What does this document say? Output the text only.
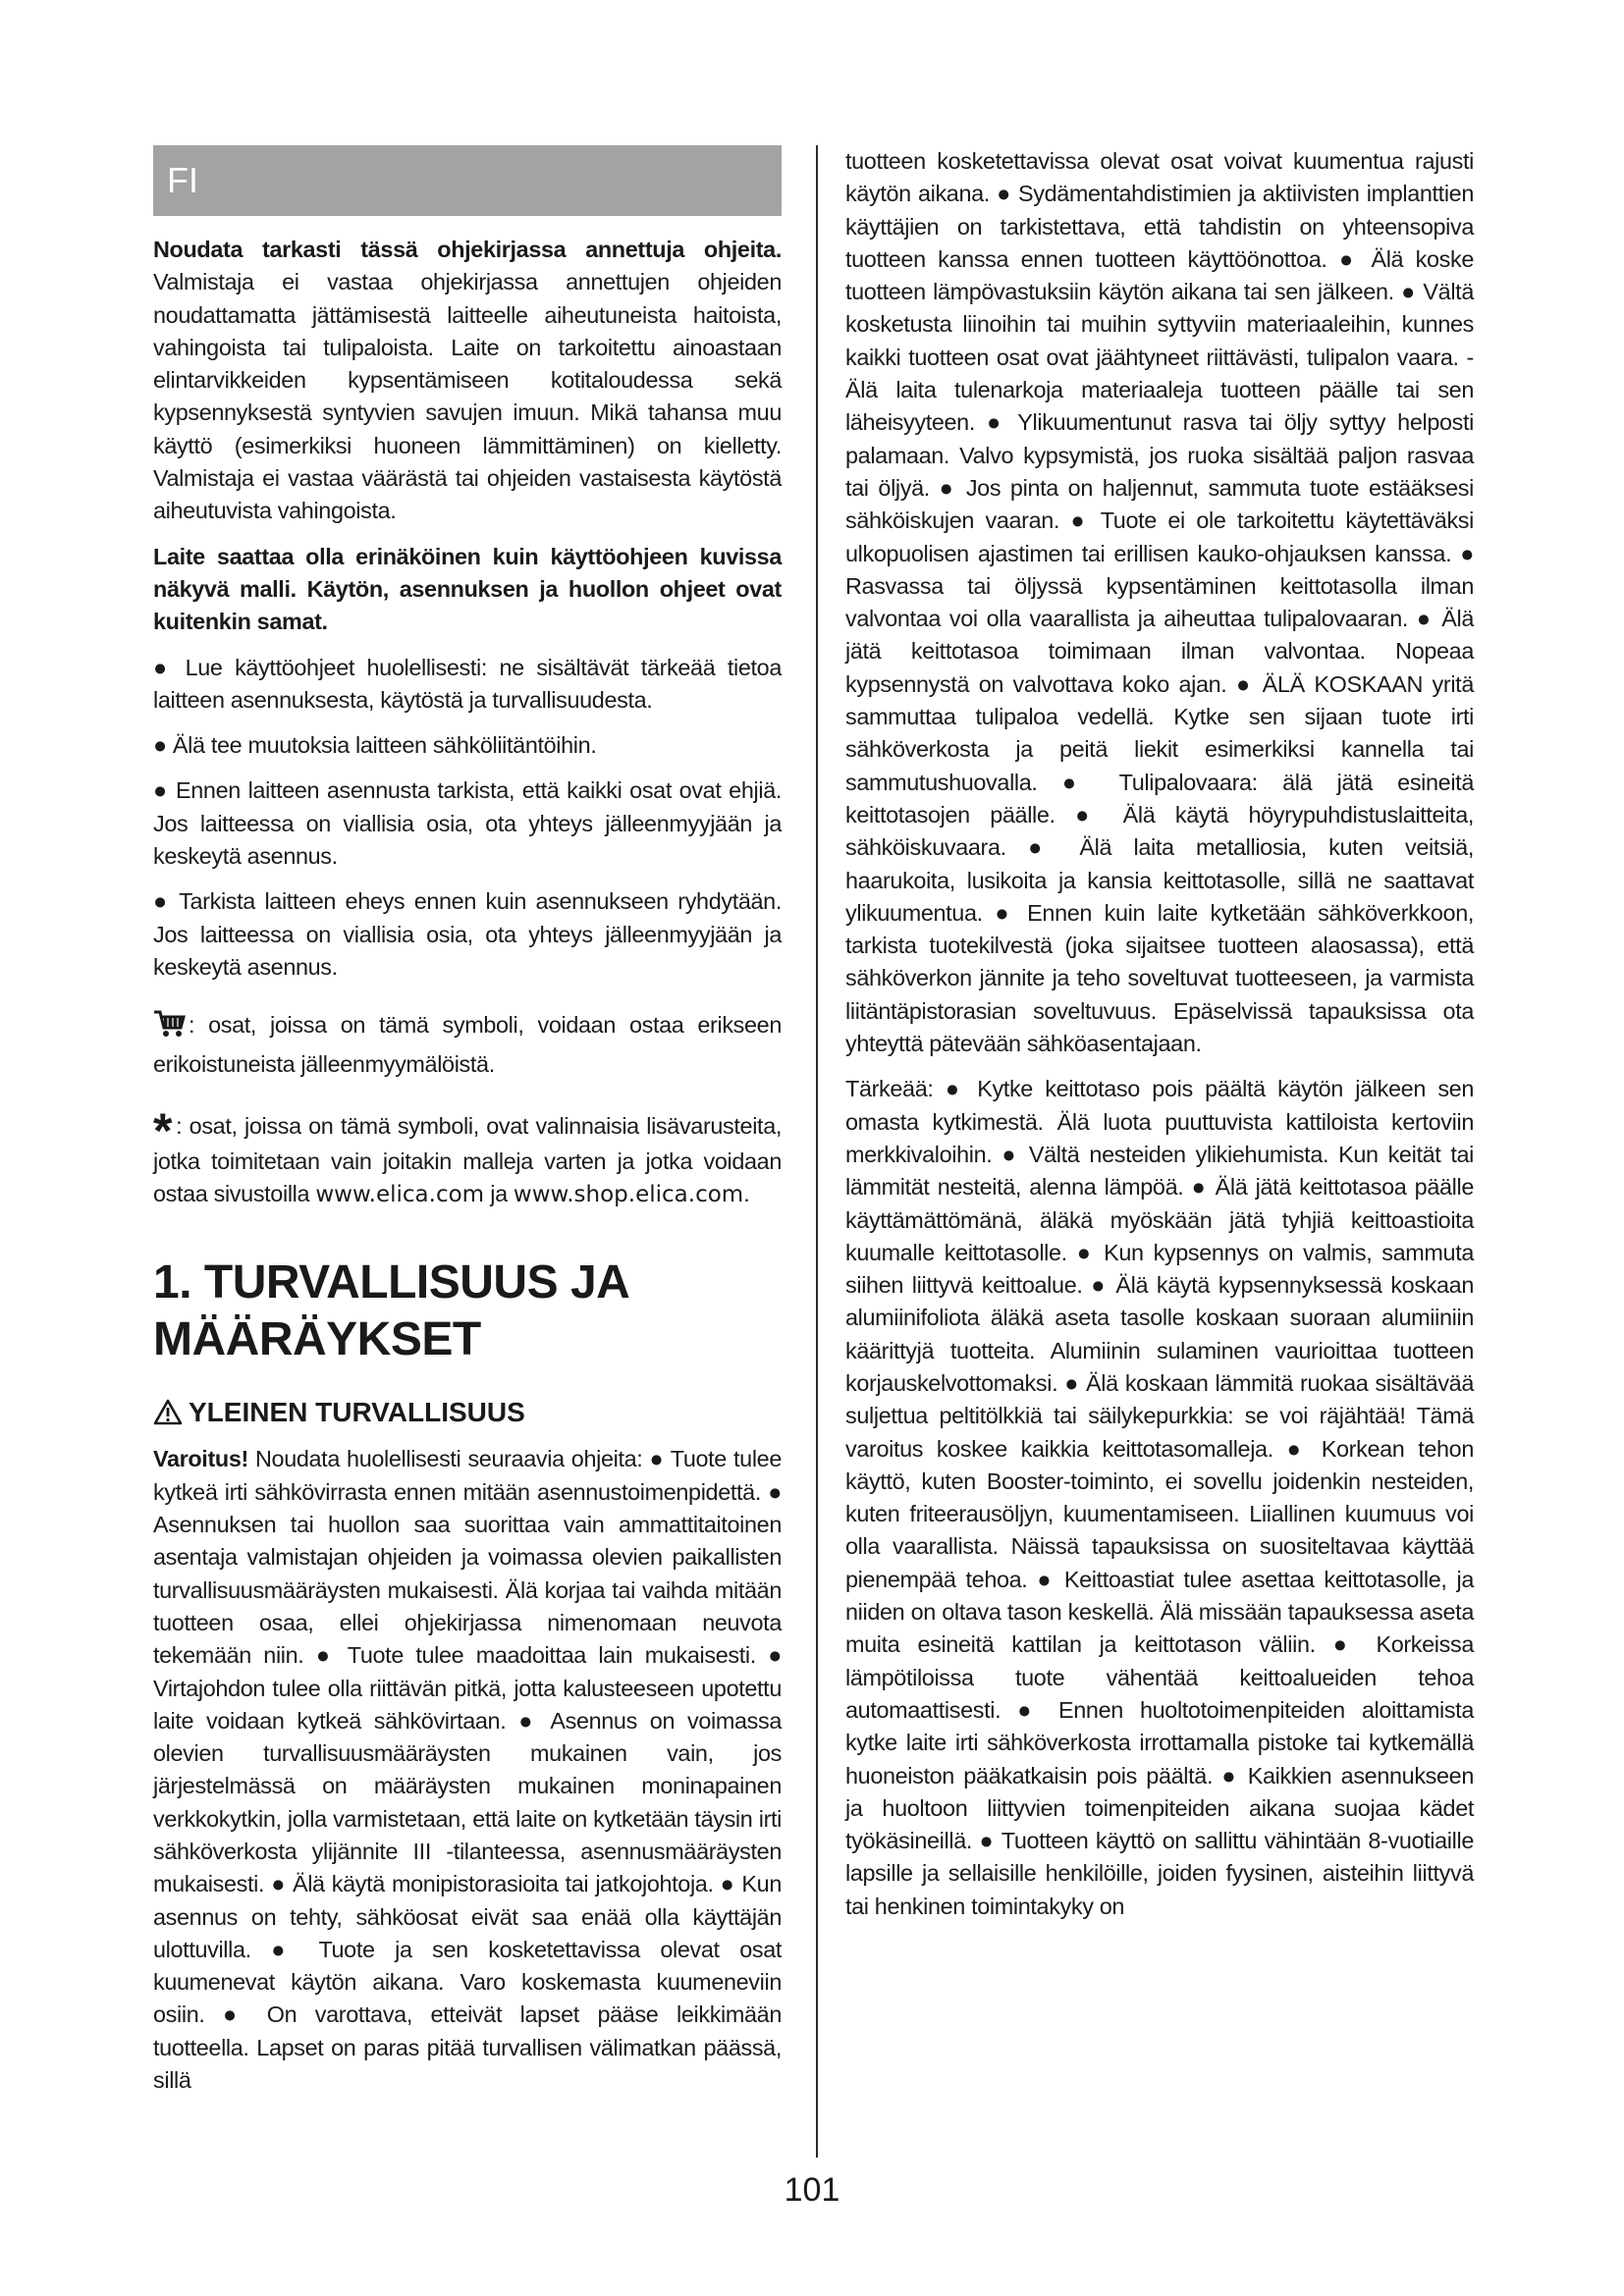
FI

Noudata tarkasti tässä ohjekirjassa annettuja ohjeita. Valmistaja ei vastaa ohjekirjassa annettujen ohjeiden noudattamatta jättämisestä laitteelle aiheutuneista haitoista, vahingoista tai tulipaloista. Laite on tarkoitettu ainoastaan elintarvikkeiden kypsentämiseen kotitaloudessa sekä kypsennyksestä syntyvien savujen imuun. Mikä tahansa muu käyttö (esimerkiksi huoneen lämmittäminen) on kielletty. Valmistaja ei vastaa väärästä tai ohjeiden vastaisesta käytöstä aiheutuvista vahingoista.

Laite saattaa olla erinäköinen kuin käyttöohjeen kuvissa näkyvä malli. Käytön, asennuksen ja huollon ohjeet ovat kuitenkin samat.

● Lue käyttöohjeet huolellisesti: ne sisältävät tärkeää tietoa laitteen asennuksesta, käytöstä ja turvallisuudesta.

● Älä tee muutoksia laitteen sähköliitäntöihin.

● Ennen laitteen asennusta tarkista, että kaikki osat ovat ehjiä. Jos laitteessa on viallisia osia, ota yhteys jälleenmyyjään ja keskeytä asennus.

● Tarkista laitteen eheys ennen kuin asennukseen ryhdytään. Jos laitteessa on viallisia osia, ota yhteys jälleenmyyjään ja keskeytä asennus.

: osat, joissa on tämä symboli, voidaan ostaa erikseen erikoistuneista jälleenmyymälöistä.

* : osat, joissa on tämä symboli, ovat valinnaisia lisävarusteita, jotka toimitetaan vain joitakin malleja varten ja jotka voidaan ostaa sivustoilla www.elica.com ja www.shop.elica.com.

1. TURVALLISUUS JA
MÄÄRÄYKSET
YLEINEN TURVALLISUUS

Varoitus! Noudata huolellisesti seuraavia ohjeita: ● Tuote tulee kytkeä irti sähkövirrasta ennen mitään asennustoimenpidettä. ● Asennuksen tai huollon saa suorittaa vain ammattitaitoinen asentaja valmistajan ohjeiden ja voimassa olevien paikallisten turvallisuusmääräysten mukaisesti. Älä korjaa tai vaihda mitään tuotteen osaa, ellei ohjekirjassa nimenomaan neuvota tekemään niin. ● Tuote tulee maadoittaa lain mukaisesti. ● Virtajohdon tulee olla riittävän pitkä, jotta kalusteeseen upotettu laite voidaan kytkeä sähkövirtaan. ● Asennus on voimassa olevien turvallisuusmääräysten mukainen vain, jos järjestelmässä on määräysten mukainen moninapainen verkkokytkin, jolla varmistetaan, että laite on kytketään täysin irti sähköverkosta ylijännite III -tilanteessa, asennusmääräysten mukaisesti. ● Älä käytä monipistorasioita tai jatkojohtoja. ● Kun asennus on tehty, sähköosat eivät saa enää olla käyttäjän ulottuvilla. ● Tuote ja sen kosketettavissa olevat osat kuumenevat käytön aikana. Varo koskemasta kuumeneviin osiin. ● On varottava, etteivät lapset pääse leikkimään tuotteella. Lapset on paras pitää turvallisen välimatkan päässä, sillä

tuotteen kosketettavissa olevat osat voivat kuumentua rajusti käytön aikana. ● Sydämentahdistimien ja aktiivisten implanttien käyttäjien on tarkistettava, että tahdistin on yhteensopiva tuotteen kanssa ennen tuotteen käyttöönottoa. ● Älä koske tuotteen lämpövastuksiin käytön aikana tai sen jälkeen. ● Vältä kosketusta liinoihin tai muihin syttyviin materiaaleihin, kunnes kaikki tuotteen osat ovat jäähtyneet riittävästi, tulipalon vaara. - Älä laita tulenarkoja materiaaleja tuotteen päälle tai sen läheisyyteen. ● Ylikuumentunut rasva tai öljy syttyy helposti palamaan. Valvo kypsymistä, jos ruoka sisältää paljon rasvaa tai öljyä. ● Jos pinta on haljennut, sammuta tuote estääksesi sähköiskujen vaaran. ● Tuote ei ole tarkoitettu käytettäväksi ulkopuolisen ajastimen tai erillisen kauko-ohjauksen kanssa. ● Rasvassa tai öljyssä kypsentäminen keittotasolla ilman valvontaa voi olla vaarallista ja aiheuttaa tulipalovaaran. ● Älä jätä keittotasoa toimimaan ilman valvontaa. Nopeaa kypsennystä on valvottava koko ajan. ● ÄLÄ KOSKAAN yritä sammuttaa tulipaloa vedellä. Kytke sen sijaan tuote irti sähköverkosta ja peitä liekit esimerkiksi kannella tai sammutushuovalla. ● Tulipalovaara: älä jätä esineitä keittotasojen päälle. ● Älä käytä höyrypuhdistuslaitteita, sähköiskuvaara. ● Älä laita metalliosia, kuten veitsiä, haarukoita, lusikoita ja kansia keittotasolle, sillä ne saattavat ylikuumentua. ● Ennen kuin laite kytketään sähköverkkoon, tarkista tuotekilvestä (joka sijaitsee tuotteen alaosassa), että sähköverkon jännite ja teho soveltuvat tuotteeseen, ja varmista liitäntäpistorasian soveltuvuus. Epäselvissä tapauksissa ota yhteyttä pätevään sähköasentajaan.

Tärkeää: ● Kytke keittotaso pois päältä käytön jälkeen sen omasta kytkimestä. Älä luota puuttuvista kattiloista kertoviin merkkivaloihin. ● Vältä nesteiden ylikiehumista. Kun keität tai lämmität nesteitä, alenna lämpöä. ● Älä jätä keittotasoa päälle käyttämättömänä, äläkä myöskään jätä tyhjiä keittoastioita kuumalle keittotasolle. ● Kun kypsennys on valmis, sammuta siihen liittyvä keittoalue. ● Älä käytä kypsennyksessä koskaan alumiinifoliota äläkä aseta tasolle koskaan suoraan alumiiniin käärittyjä tuotteita. Alumiinin sulaminen vaurioittaa tuotteen korjauskelvottomaksi. ● Älä koskaan lämmitä ruokaa sisältävää suljettua peltitölkkiä tai säilykepurkkia: se voi räjähtää! Tämä varoitus koskee kaikkia keittotasomalleja. ● Korkean tehon käyttö, kuten Booster-toiminto, ei sovellu joidenkin nesteiden, kuten friteerausöljyn, kuumentamiseen. Liiallinen kuumuus voi olla vaarallista. Näissä tapauksissa on suositeltavaa käyttää pienempää tehoa. ● Keittoastiat tulee asettaa keittotasolle, ja niiden on oltava tason keskellä. Älä missään tapauksessa aseta muita esineitä kattilan ja keittotason väliin. ● Korkeissa lämpötiloissa tuote vähentää keittoalueiden tehoa automaattisesti. ● Ennen huoltotoimenpiteiden aloittamista kytke laite irti sähköverkosta irrottamalla pistoke tai kytkemällä huoneiston pääkatkaisin pois päältä. ● Kaikkien asennukseen ja huoltoon liittyvien toimenpiteiden aikana suojaa kädet työkäsineillä. ● Tuotteen käyttö on sallittu vähintään 8-vuotiaille lapsille ja sellaisille henkilöille, joiden fyysinen, aisteihin liittyvä tai henkinen toimintakyky on

101
